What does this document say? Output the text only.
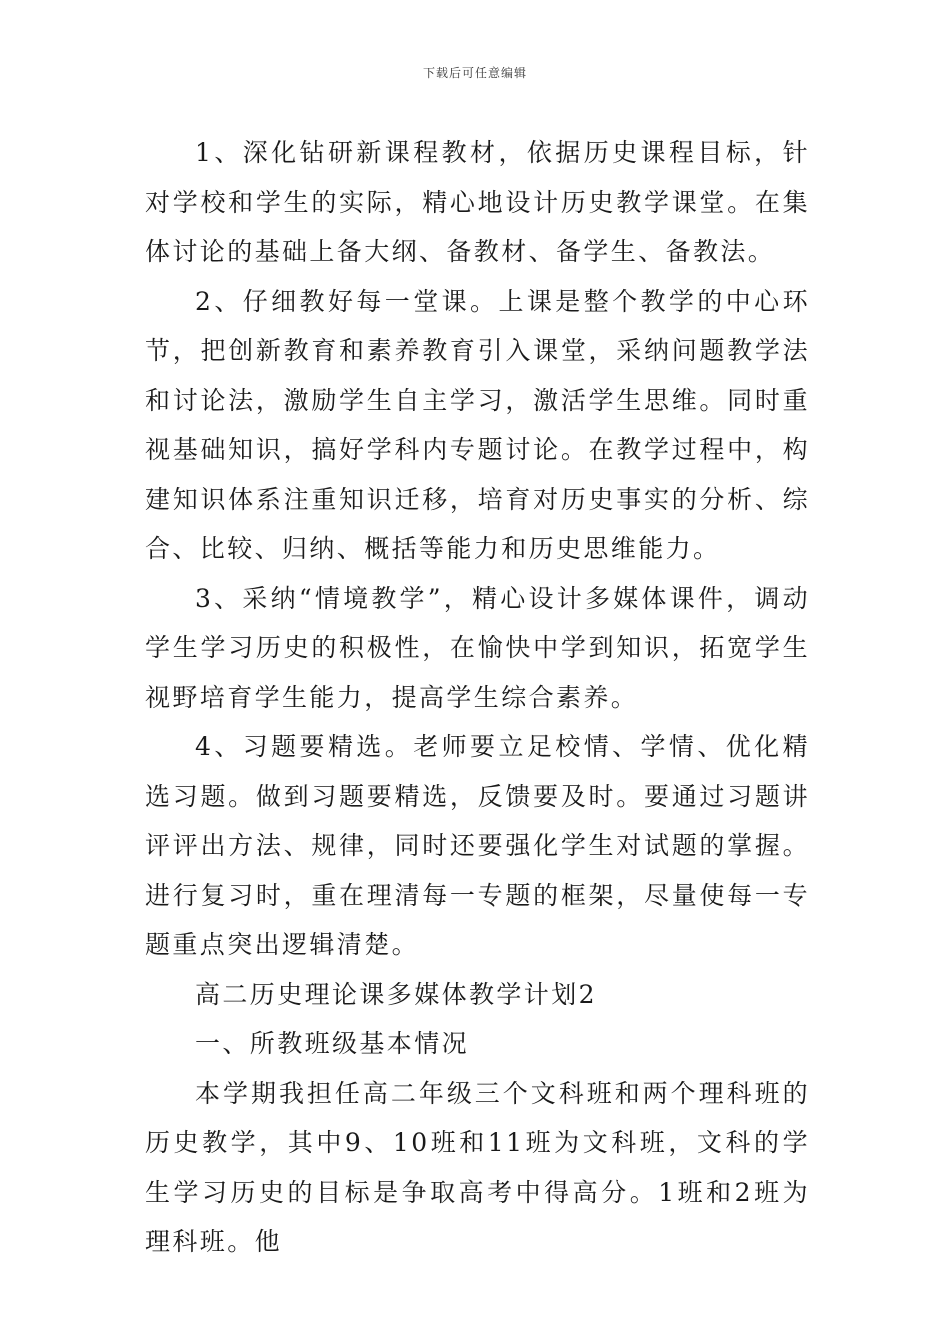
下载后可任意编辑

1、深化钻研新课程教材，依据历史课程目标，针对学校和学生的实际，精心地设计历史教学课堂。在集体讨论的基础上备大纲、备教材、备学生、备教法。

2、仔细教好每一堂课。上课是整个教学的中心环节，把创新教育和素养教育引入课堂，采纳问题教学法和讨论法，激励学生自主学习，激活学生思维。同时重视基础知识，搞好学科内专题讨论。在教学过程中，构建知识体系注重知识迁移，培育对历史事实的分析、综合、比较、归纳、概括等能力和历史思维能力。

3、采纳“情境教学”，精心设计多媒体课件，调动学生学习历史的积极性，在愉快中学到知识，拓宽学生视野培育学生能力，提高学生综合素养。

4、习题要精选。老师要立足校情、学情、优化精选习题。做到习题要精选，反馈要及时。要通过习题讲评评出方法、规律，同时还要强化学生对试题的掌握。进行复习时，重在理清每一专题的框架，尽量使每一专题重点突出逻辑清楚。

高二历史理论课多媒体教学计划2

一、所教班级基本情况

本学期我担任高二年级三个文科班和两个理科班的历史教学，其中9、10班和11班为文科班，文科的学生学习历史的目标是争取高考中得高分。1班和2班为理科班。他
